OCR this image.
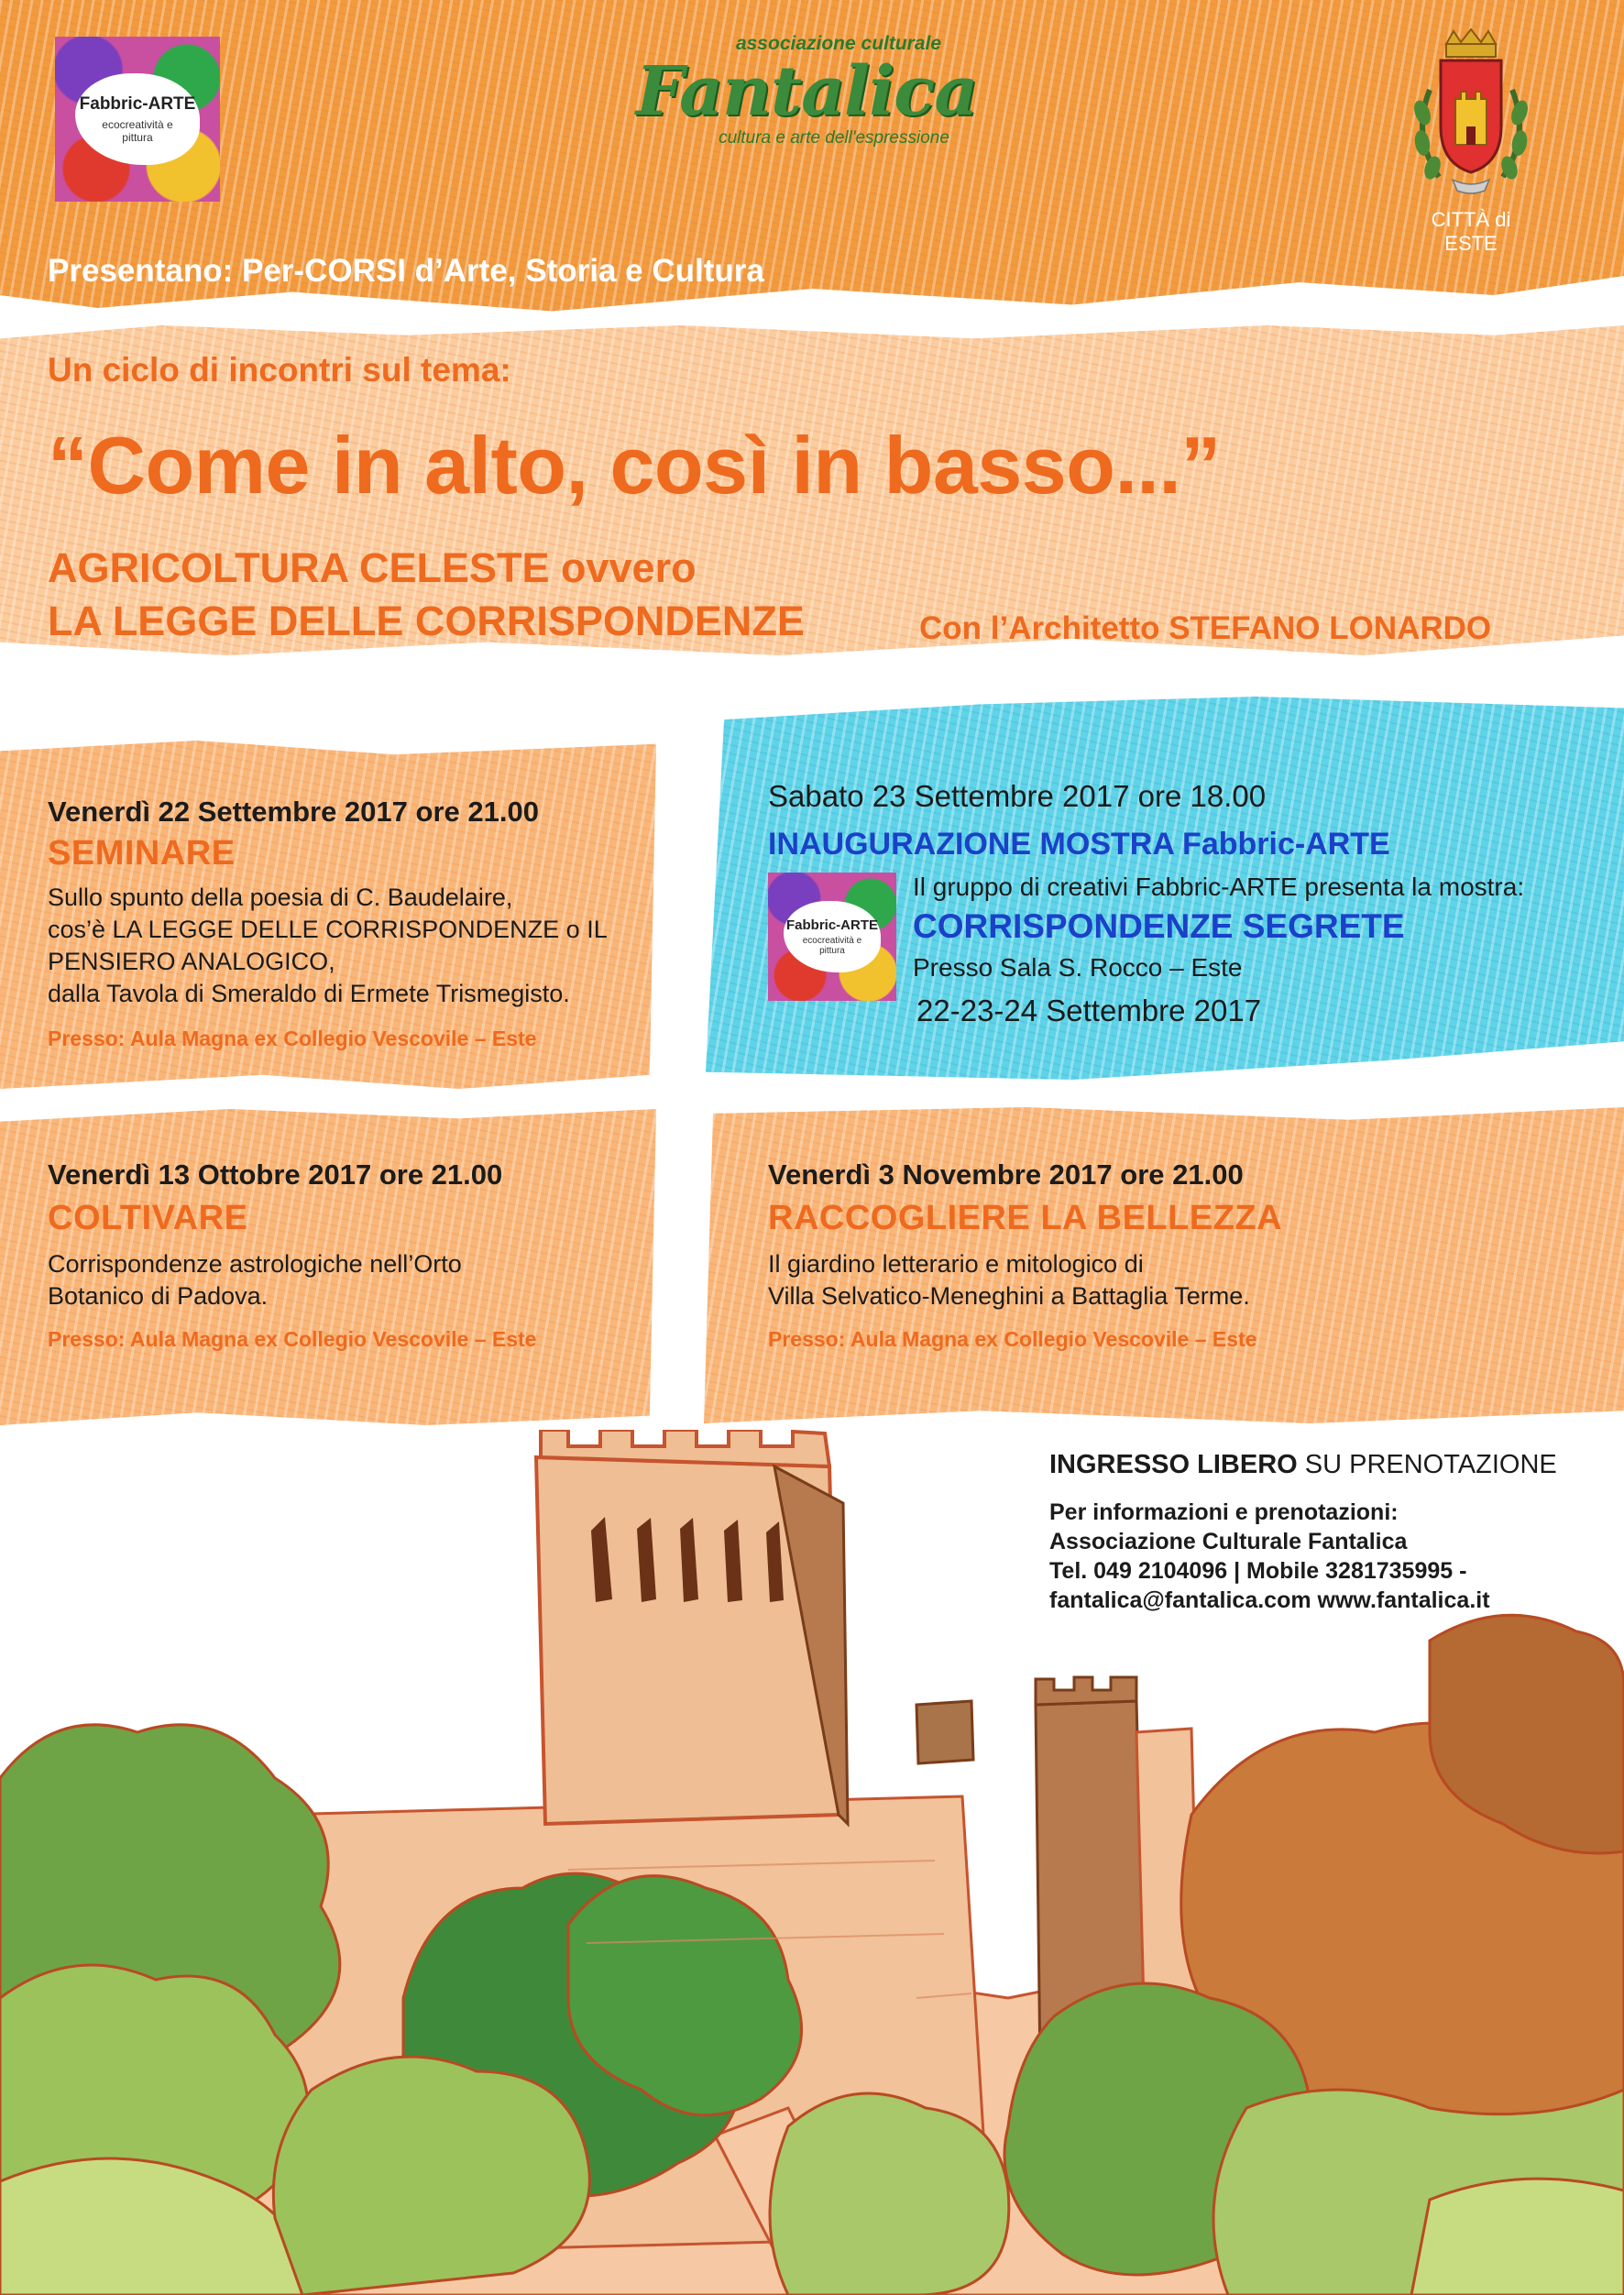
Fabbric-ARTE
ecocreatività e pittura
associazione culturale
Fantalica
cultura e arte dell'espressione
CITTÀ di ESTE
Presentano: Per-CORSI d’Arte, Storia e Cultura
Un ciclo di incontri sul tema:
“Come in alto, così in basso...”
AGRICOLTURA CELESTE ovvero
LA LEGGE DELLE CORRISPONDENZE	Con l’Architetto STEFANO LONARDO
Venerdì 22 Settembre 2017 ore 21.00
SEMINARE
Sullo spunto della poesia di C. Baudelaire,
cos’è LA LEGGE DELLE CORRISPONDENZE o IL
PENSIERO ANALOGICO,
dalla Tavola di Smeraldo di Ermete Trismegisto.
Presso: Aula Magna ex Collegio Vescovile – Este
Sabato 23 Settembre 2017 ore 18.00
INAUGURAZIONE MOSTRA Fabbric-ARTE
Fabbric-ARTE
ecocreatività e pittura
Il gruppo di creativi Fabbric-ARTE presenta la mostra:
CORRISPONDENZE SEGRETE
Presso Sala S. Rocco – Este
22-23-24 Settembre 2017
Venerdì 13 Ottobre 2017 ore 21.00
COLTIVARE
Corrispondenze astrologiche nell’Orto
Botanico di Padova.
Presso: Aula Magna ex Collegio Vescovile – Este
Venerdì 3 Novembre 2017 ore 21.00
RACCOGLIERE LA BELLEZZA
Il giardino letterario e mitologico di
Villa Selvatico-Meneghini a Battaglia Terme.
Presso: Aula Magna ex Collegio Vescovile – Este
INGRESSO LIBERO SU PRENOTAZIONE
Per informazioni e prenotazioni:
Associazione Culturale Fantalica
Tel. 049 2104096 | Mobile 3281735995 -
fantalica@fantalica.com www.fantalica.it
